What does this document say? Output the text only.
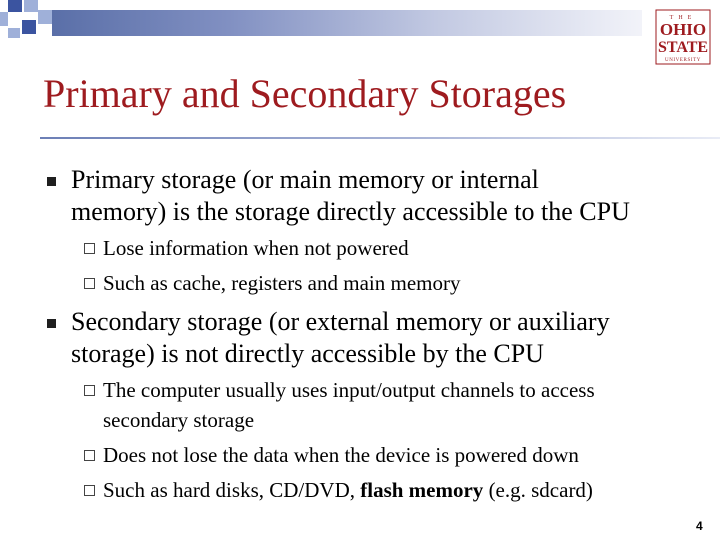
THE
OHIO
STATE
UNIVERSITY
Primary and Secondary Storages
Primary storage (or main memory or internal
memory) is the storage directly accessible to the CPU
Lose information when not powered
Such as cache, registers and main memory
Secondary storage (or external memory or auxiliary
storage) is not directly accessible by the CPU
The computer usually uses input/output channels to access
secondary storage
Does not lose the data when the device is powered down
Such as hard disks, CD/DVD, flash memory (e.g. sdcard)
4
